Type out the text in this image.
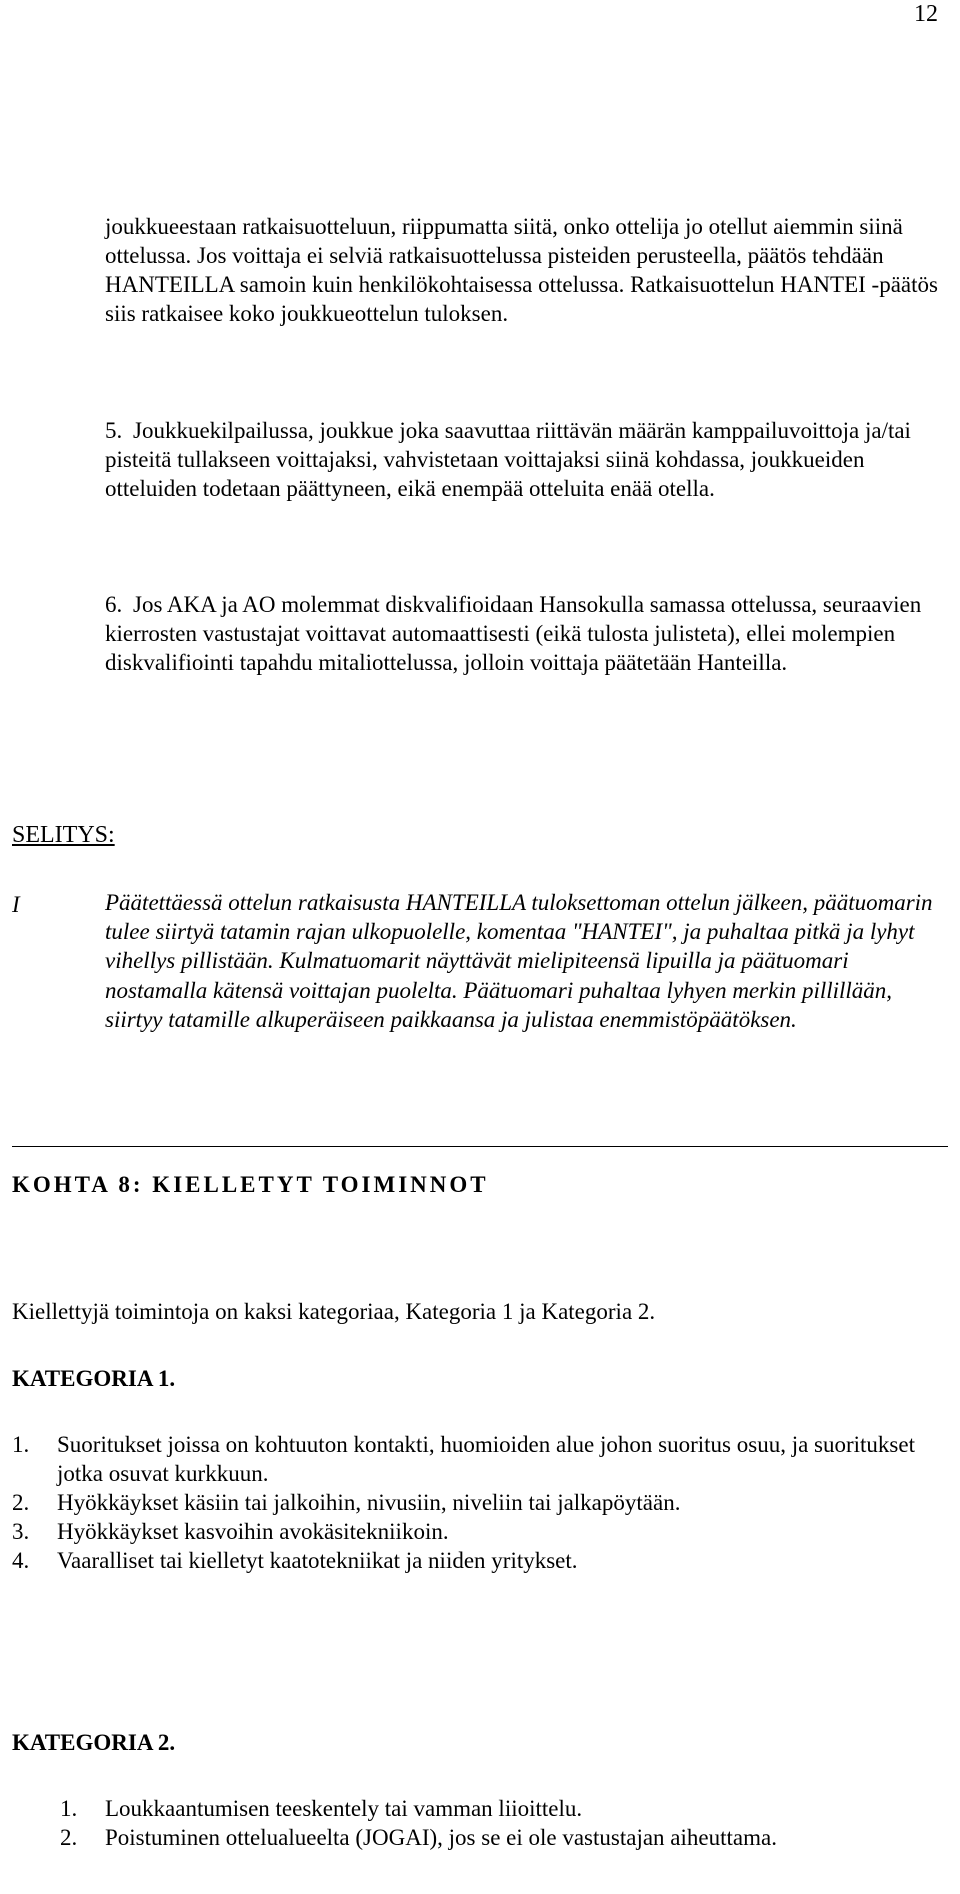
12
joukkueestaan ratkaisuotteluun, riippumatta siitä, onko ottelija jo otellut aiemmin siinä ottelussa. Jos voittaja ei selviä ratkaisuottelussa pisteiden perusteella, päätös tehdään HANTEILLA samoin kuin henkilökohtaisessa ottelussa. Ratkaisuottelun HANTEI -päätös siis ratkaisee koko joukkueottelun tuloksen.
5. Joukkuekilpailussa, joukkue joka saavuttaa riittävän määrän kamppailuvoittoja ja/tai pisteitä tullakseen voittajaksi, vahvistetaan voittajaksi siinä kohdassa, joukkueiden otteluiden todetaan päättyneen, eikä enempää otteluita enää otella.
6. Jos AKA ja AO molemmat diskvalifioidaan Hansokulla samassa ottelussa, seuraavien kierrosten vastustajat voittavat automaattisesti (eikä tulosta julisteta), ellei molempien diskvalifiointi tapahdu mitaliottelussa, jolloin voittaja päätetään Hanteilla.
SELITYS:
I	Päätettäessä ottelun ratkaisusta HANTEILLA tuloksettoman ottelun jälkeen, päätuomarin tulee siirtyä tatamin rajan ulkopuolelle, komentaa "HANTEI", ja puhaltaa pitkä ja lyhyt vihellys pillistään. Kulmatuomarit näyttävät mielipiteensä lipuilla ja päätuomari nostamalla kätensä voittajan puolelta. Päätuomari puhaltaa lyhyen merkin pillillään, siirtyy tatamille alkuperäiseen paikkaansa ja julistaa enemmistöpäätöksen.
KOHTA 8: KIELLETYT TOIMINNOT
Kiellettyjä toimintoja on kaksi kategoriaa, Kategoria 1 ja Kategoria 2.
KATEGORIA 1.
1.	Suoritukset joissa on kohtuuton kontakti, huomioiden alue johon suoritus osuu, ja suoritukset jotka osuvat kurkkuun.
2.	Hyökkäykset käsiin tai jalkoihin, nivusiin, niveliin tai jalkapöytään.
3.	Hyökkäykset kasvoihin avokäsitekniikoin.
4.	Vaaralliset tai kielletyt kaatotekniikat ja niiden yritykset.
KATEGORIA 2.
1.	Loukkaantumisen teeskentely tai vamman liioittelu.
2.	Poistuminen ottelualueelta (JOGAI), jos se ei ole vastustajan aiheuttama.
